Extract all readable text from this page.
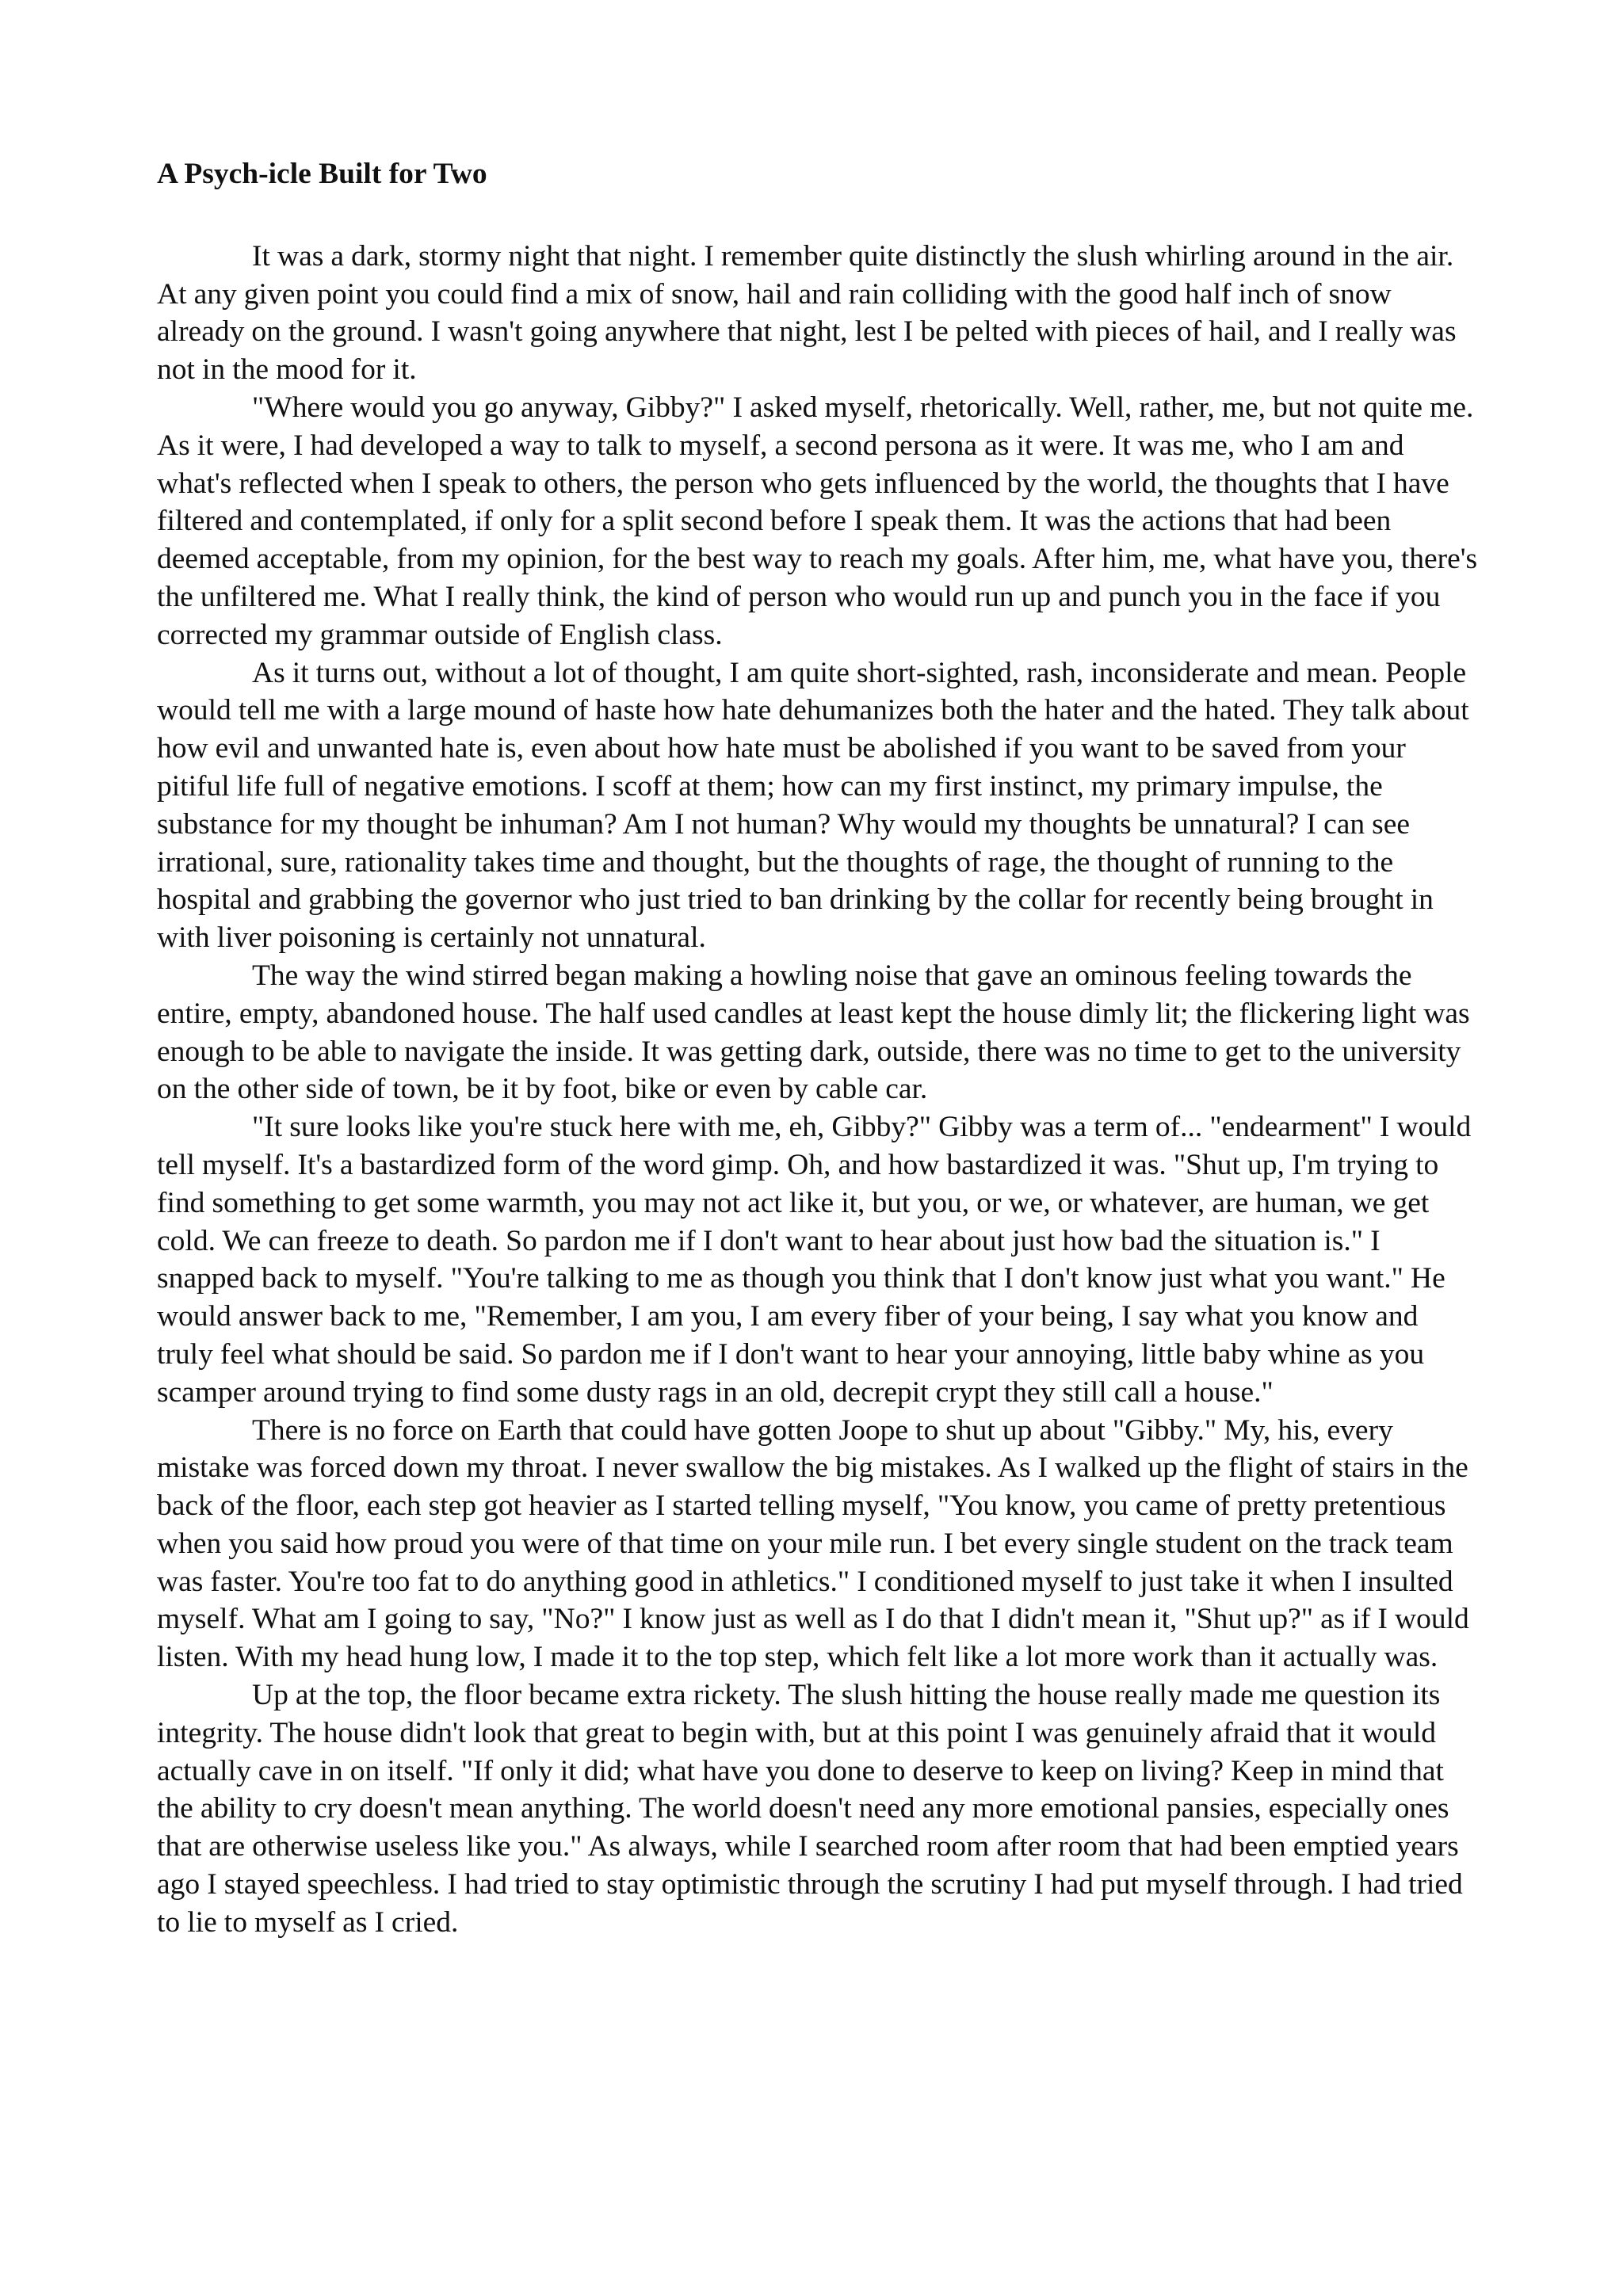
A Psych-icle Built for Two

It was a dark, stormy night that night. I remember quite distinctly the slush whirling around in the air. At any given point you could find a mix of snow, hail and rain colliding with the good half inch of snow already on the ground. I wasn't going anywhere that night, lest I be pelted with pieces of hail, and I really was not in the mood for it.

"Where would you go anyway, Gibby?" I asked myself, rhetorically. Well, rather, me, but not quite me. As it were, I had developed a way to talk to myself, a second persona as it were. It was me, who I am and what's reflected when I speak to others, the person who gets influenced by the world, the thoughts that I have filtered and contemplated, if only for a split second before I speak them. It was the actions that had been deemed acceptable, from my opinion, for the best way to reach my goals. After him, me, what have you, there's the unfiltered me. What I really think, the kind of person who would run up and punch you in the face if you corrected my grammar outside of English class.

As it turns out, without a lot of thought, I am quite short-sighted, rash, inconsiderate and mean. People would tell me with a large mound of haste how hate dehumanizes both the hater and the hated. They talk about how evil and unwanted hate is, even about how hate must be abolished if you want to be saved from your pitiful life full of negative emotions. I scoff at them; how can my first instinct, my primary impulse, the substance for my thought be inhuman? Am I not human? Why would my thoughts be unnatural? I can see irrational, sure, rationality takes time and thought, but the thoughts of rage, the thought of running to the hospital and grabbing the governor who just tried to ban drinking by the collar for recently being brought in with liver poisoning is certainly not unnatural.

The way the wind stirred began making a howling noise that gave an ominous feeling towards the entire, empty, abandoned house. The half used candles at least kept the house dimly lit; the flickering light was enough to be able to navigate the inside. It was getting dark, outside, there was no time to get to the university on the other side of town, be it by foot, bike or even by cable car.

"It sure looks like you're stuck here with me, eh, Gibby?" Gibby was a term of... "endearment" I would tell myself. It's a bastardized form of the word gimp. Oh, and how bastardized it was. "Shut up, I'm trying to find something to get some warmth, you may not act like it, but you, or we, or whatever, are human, we get cold. We can freeze to death. So pardon me if I don't want to hear about just how bad the situation is." I snapped back to myself. "You're talking to me as though you think that I don't know just what you want." He would answer back to me, "Remember, I am you, I am every fiber of your being, I say what you know and truly feel what should be said. So pardon me if I don't want to hear your annoying, little baby whine as you scamper around trying to find some dusty rags in an old, decrepit crypt they still call a house."

There is no force on Earth that could have gotten Joope to shut up about "Gibby." My, his, every mistake was forced down my throat. I never swallow the big mistakes. As I walked up the flight of stairs in the back of the floor, each step got heavier as I started telling myself, "You know, you came of pretty pretentious when you said how proud you were of that time on your mile run. I bet every single student on the track team was faster. You're too fat to do anything good in athletics." I conditioned myself to just take it when I insulted myself. What am I going to say, "No?" I know just as well as I do that I didn't mean it, "Shut up?" as if I would listen. With my head hung low, I made it to the top step, which felt like a lot more work than it actually was.

Up at the top, the floor became extra rickety. The slush hitting the house really made me question its integrity. The house didn't look that great to begin with, but at this point I was genuinely afraid that it would actually cave in on itself. "If only it did; what have you done to deserve to keep on living? Keep in mind that the ability to cry doesn't mean anything. The world doesn't need any more emotional pansies, especially ones that are otherwise useless like you." As always, while I searched room after room that had been emptied years ago I stayed speechless. I had tried to stay optimistic through the scrutiny I had put myself through. I had tried to lie to myself as I cried.
